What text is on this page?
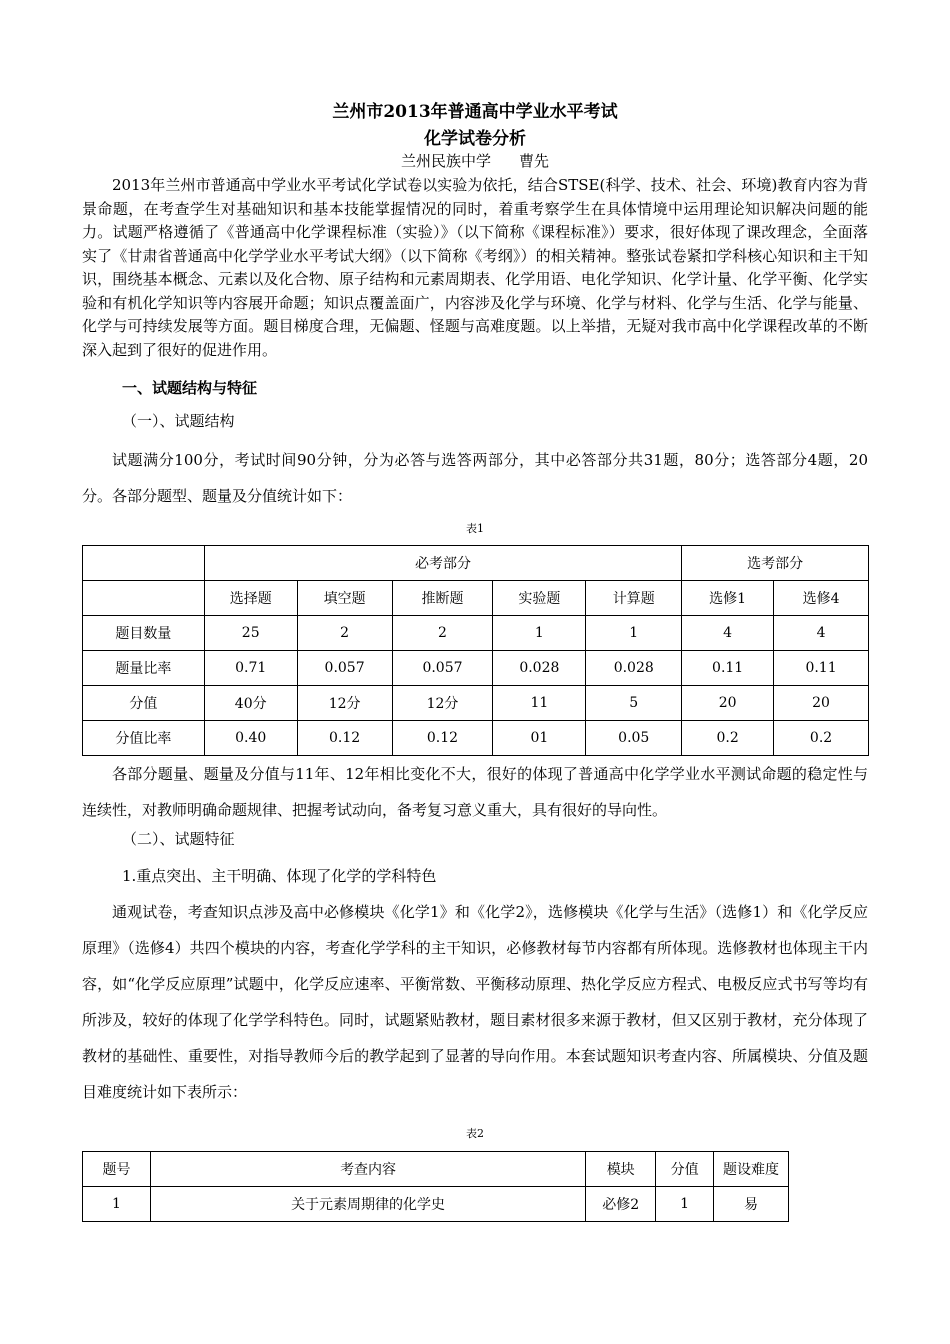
兰州市2013年普通高中学业水平考试
化学试卷分析
兰州民族中学 曹先
2013年兰州市普通高中学业水平考试化学试卷以实验为依托，结合STSE(科学、技术、社会、环境)教育内容为背景命题，在考查学生对基础知识和基本技能掌握情况的同时，着重考察学生在具体情境中运用理论知识解决问题的能力。试题严格遵循了《普通高中化学课程标准（实验）》（以下简称《课程标准》）要求，很好体现了课改理念，全面落实了《甘肃省普通高中化学学业水平考试大纲》（以下简称《考纲》）的相关精神。整张试卷紧扣学科核心知识和主干知识，围绕基本概念、元素以及化合物、原子结构和元素周期表、化学用语、电化学知识、化学计量、化学平衡、化学实验和有机化学知识等内容展开命题；知识点覆盖面广，内容涉及化学与环境、化学与材料、化学与生活、化学与能量、化学与可持续发展等方面。题目梯度合理，无偏题、怪题与高难度题。以上举措，无疑对我市高中化学课程改革的不断深入起到了很好的促进作用。
一、试题结构与特征
（一）、试题结构
试题满分100分，考试时间90分钟，分为必答与选答两部分，其中必答部分共31题，80分；选答部分4题，20分。各部分题型、题量及分值统计如下：
表1
	必考部分					选考部分	
	选择题	填空题	推断题	实验题	计算题	选修1	选修4
题目数量	25	2	2	1	1	4	4
题量比率	0.71	0.057	0.057	0.028	0.028	0.11	0.11
分值	40分	12分	12分	11	5	20	20
分值比率	0.40	0.12	0.12	01	0.05	0.2	0.2
各部分题量、题量及分值与11年、12年相比变化不大，很好的体现了普通高中化学学业水平测试命题的稳定性与连续性，对教师明确命题规律、把握考试动向，备考复习意义重大，具有很好的导向性。
（二）、试题特征
1.重点突出、主干明确、体现了化学的学科特色
通观试卷，考查知识点涉及高中必修模块《化学1》和《化学2》，选修模块《化学与生活》（选修1）和《化学反应原理》（选修4）共四个模块的内容，考查化学学科的主干知识，必修教材每节内容都有所体现。选修教材也体现主干内容，如“化学反应原理”试题中，化学反应速率、平衡常数、平衡移动原理、热化学反应方程式、电极反应式书写等均有所涉及，较好的体现了化学学科特色。同时，试题紧贴教材，题目素材很多来源于教材，但又区别于教材，充分体现了教材的基础性、重要性，对指导教师今后的教学起到了显著的导向作用。本套试题知识考查内容、所属模块、分值及题目难度统计如下表所示：
表2
题号	考查内容	模块	分值	题设难度
1	关于元素周期律的化学史	必修2	1	易
